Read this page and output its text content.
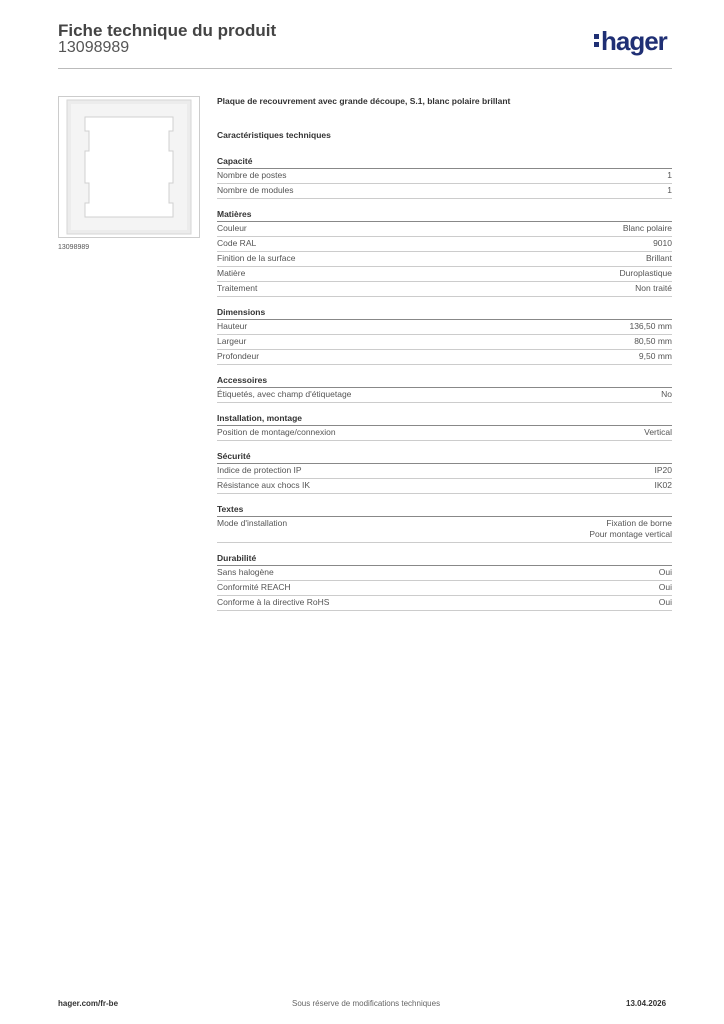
Fiche technique du produit
13098989	hager
13098989
Plaque de recouvrement avec grande découpe, S.1, blanc polaire brillant
Caractéristiques techniques
Capacité
Nombre de postes	1
Nombre de modules	1
Matières
Couleur	Blanc polaire
Code RAL	9010
Finition de la surface	Brillant
Matière	Duroplastique
Traitement	Non traité
Dimensions
Hauteur	136,50 mm
Largeur	80,50 mm
Profondeur	9,50 mm
Accessoires
Étiquetés, avec champ d'étiquetage	No
Installation, montage
Position de montage/connexion	Vertical
Sécurité
Indice de protection IP	IP20
Résistance aux chocs IK	IK02
Textes
Mode d'installation	Fixation de borne
Pour montage vertical
Durabilité
Sans halogène	Oui
Conformité REACH	Oui
Conforme à la directive RoHS	Oui
hager.com/fr-be	Sous réserve de modifications techniques	13.04.2026
